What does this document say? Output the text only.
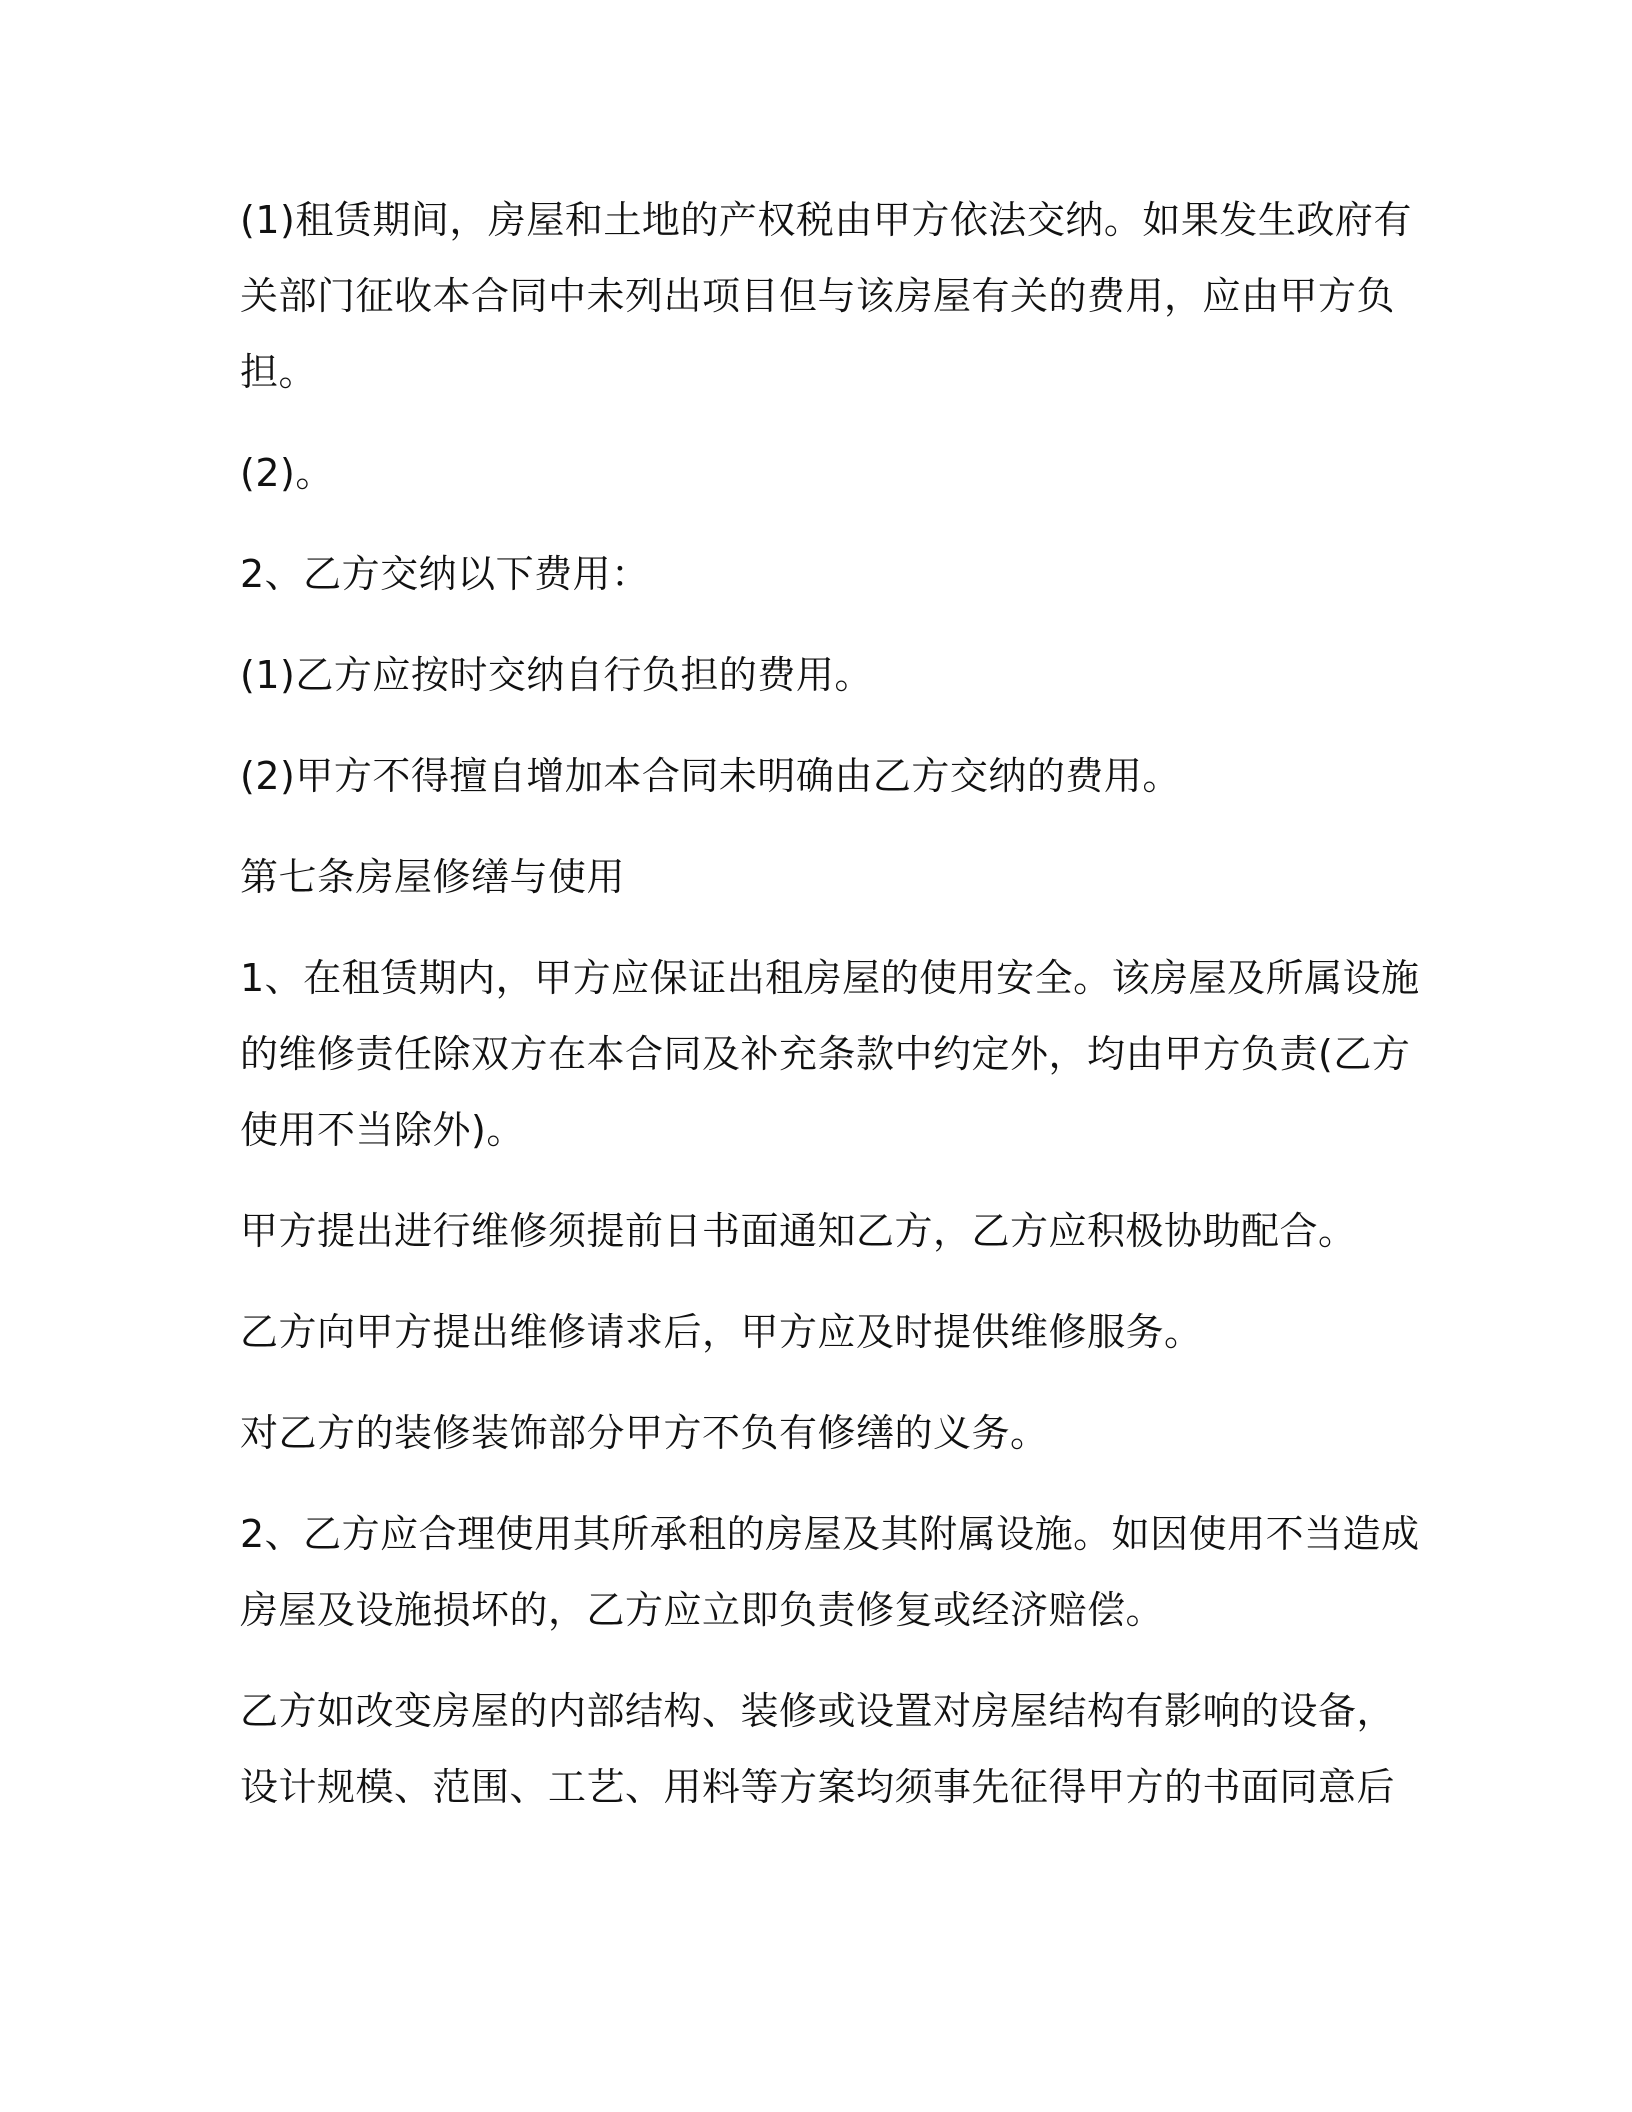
(1)租赁期间，房屋和土地的产权税由甲方依法交纳。如果发生政府有
关部门征收本合同中未列出项目但与该房屋有关的费用，应由甲方负
担。

(2)。

2、乙方交纳以下费用：

(1)乙方应按时交纳自行负担的费用。

(2)甲方不得擅自增加本合同未明确由乙方交纳的费用。

第七条房屋修缮与使用

1、在租赁期内，甲方应保证出租房屋的使用安全。该房屋及所属设施
的维修责任除双方在本合同及补充条款中约定外，均由甲方负责(乙方
使用不当除外)。

甲方提出进行维修须提前日书面通知乙方，乙方应积极协助配合。

乙方向甲方提出维修请求后，甲方应及时提供维修服务。

对乙方的装修装饰部分甲方不负有修缮的义务。

2、乙方应合理使用其所承租的房屋及其附属设施。如因使用不当造成
房屋及设施损坏的，乙方应立即负责修复或经济赔偿。

乙方如改变房屋的内部结构、装修或设置对房屋结构有影响的设备，
设计规模、范围、工艺、用料等方案均须事先征得甲方的书面同意后
